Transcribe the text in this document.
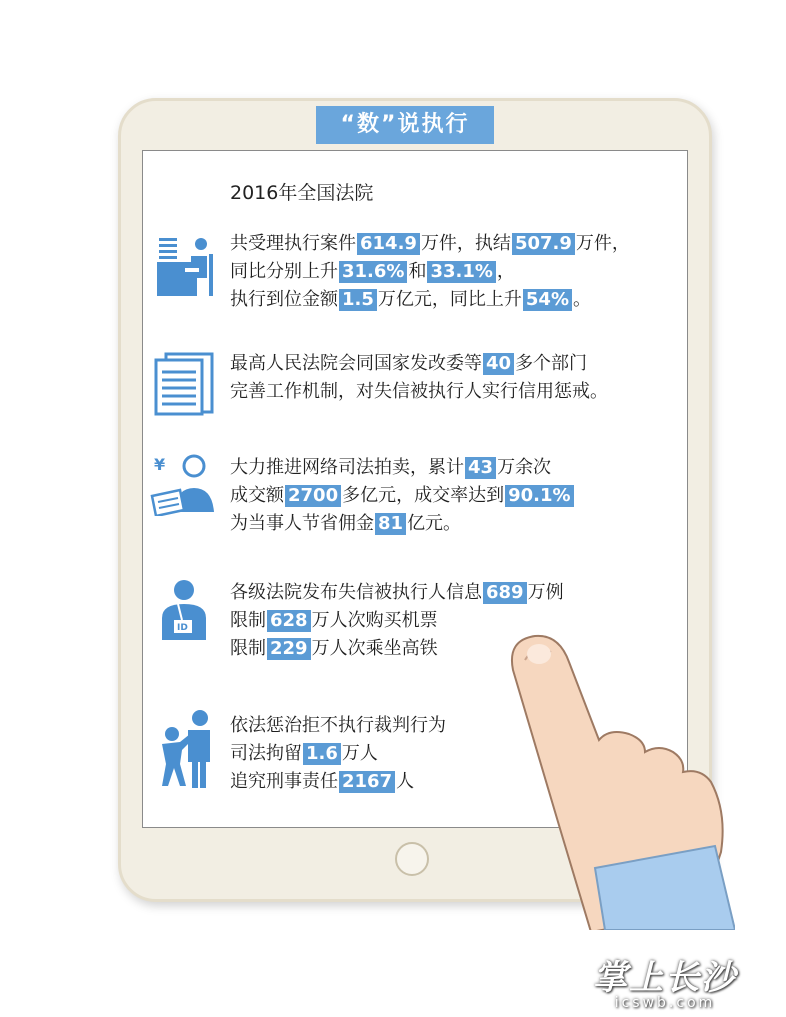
“数”说执行
2016年全国法院
共受理执行案件 614.9 万件，执结 507.9 万件，
同比分别上升 31.6% 和 33.1% ，
执行到位金额 1.5 万亿元，同比上升 54% 。
最高人民法院会同国家发改委等 40 多个部门
完善工作机制，对失信被执行人实行信用惩戒。
大力推进网络司法拍卖，累计 43 万余次
成交额 2700 多亿元，成交率达到 90.1%
为当事人节省佣金 81 亿元。
各级法院发布失信被执行人信息 689 万例
限制 628 万人次购买机票
限制 229 万人次乘坐高铁
依法惩治拒不执行裁判行为
司法拘留 1.6 万人
追究刑事责任 2167 人
¥
ID
掌上长沙
icswb.com
